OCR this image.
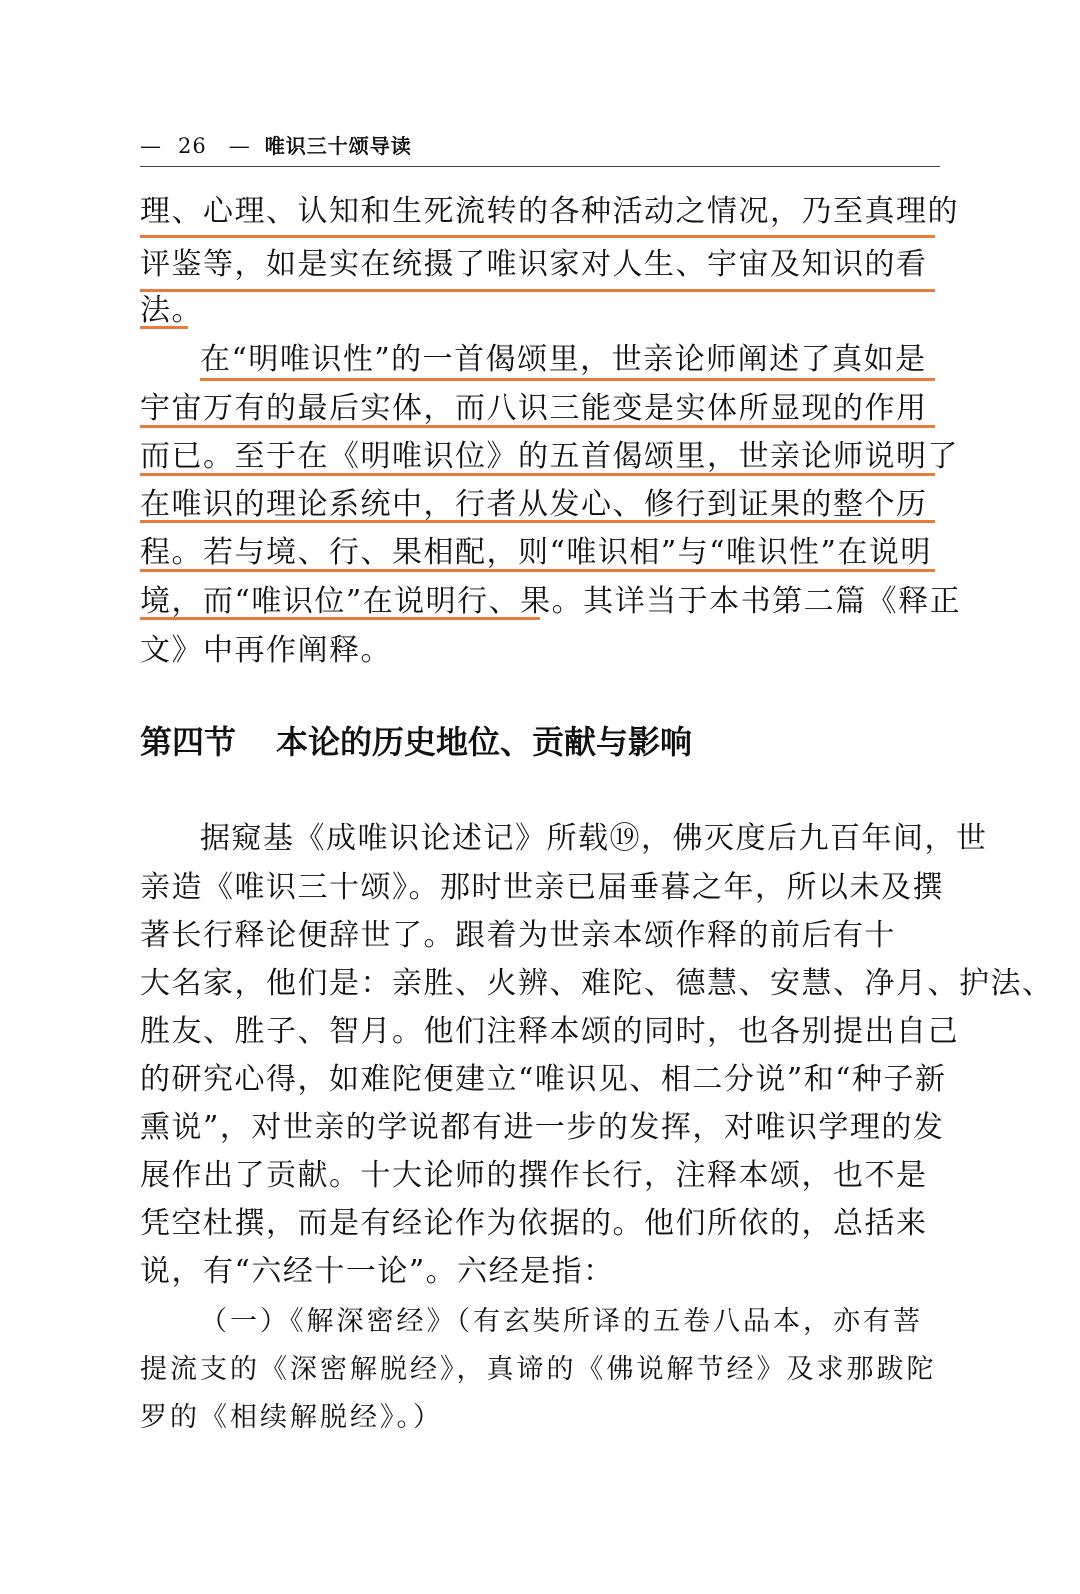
— 26 — 唯识三十颂导读
理、心理、认知和生死流转的各种活动之情况，乃至真理的
评鉴等，如是实在统摄了唯识家对人生、宇宙及知识的看
法。
在“明唯识性”的一首偈颂里，世亲论师阐述了真如是
宇宙万有的最后实体，而八识三能变是实体所显现的作用
而已。至于在《明唯识位》的五首偈颂里，世亲论师说明了
在唯识的理论系统中，行者从发心、修行到证果的整个历
程。若与境、行、果相配，则“唯识相”与“唯识性”在说明
境，而“唯识位”在说明行、果。其详当于本书第二篇《释正
文》中再作阐释。
第四节 本论的历史地位、贡献与影响
据窥基《成唯识论述记》所载⑲，佛灭度后九百年间，世
亲造《唯识三十颂》。那时世亲已届垂暮之年，所以未及撰
著长行释论便辞世了。跟着为世亲本颂作释的前后有十
大名家，他们是：亲胜、火辨、难陀、德慧、安慧、净月、护法、
胜友、胜子、智月。他们注释本颂的同时，也各别提出自己
的研究心得，如难陀便建立“唯识见、相二分说”和“种子新
熏说”，对世亲的学说都有进一步的发挥，对唯识学理的发
展作出了贡献。十大论师的撰作长行，注释本颂，也不是
凭空杜撰，而是有经论作为依据的。他们所依的，总括来
说，有“六经十一论”。六经是指：
（一）《解深密经》（有玄奘所译的五卷八品本，亦有菩
提流支的《深密解脱经》，真谛的《佛说解节经》及求那跋陀
罗的《相续解脱经》。）
